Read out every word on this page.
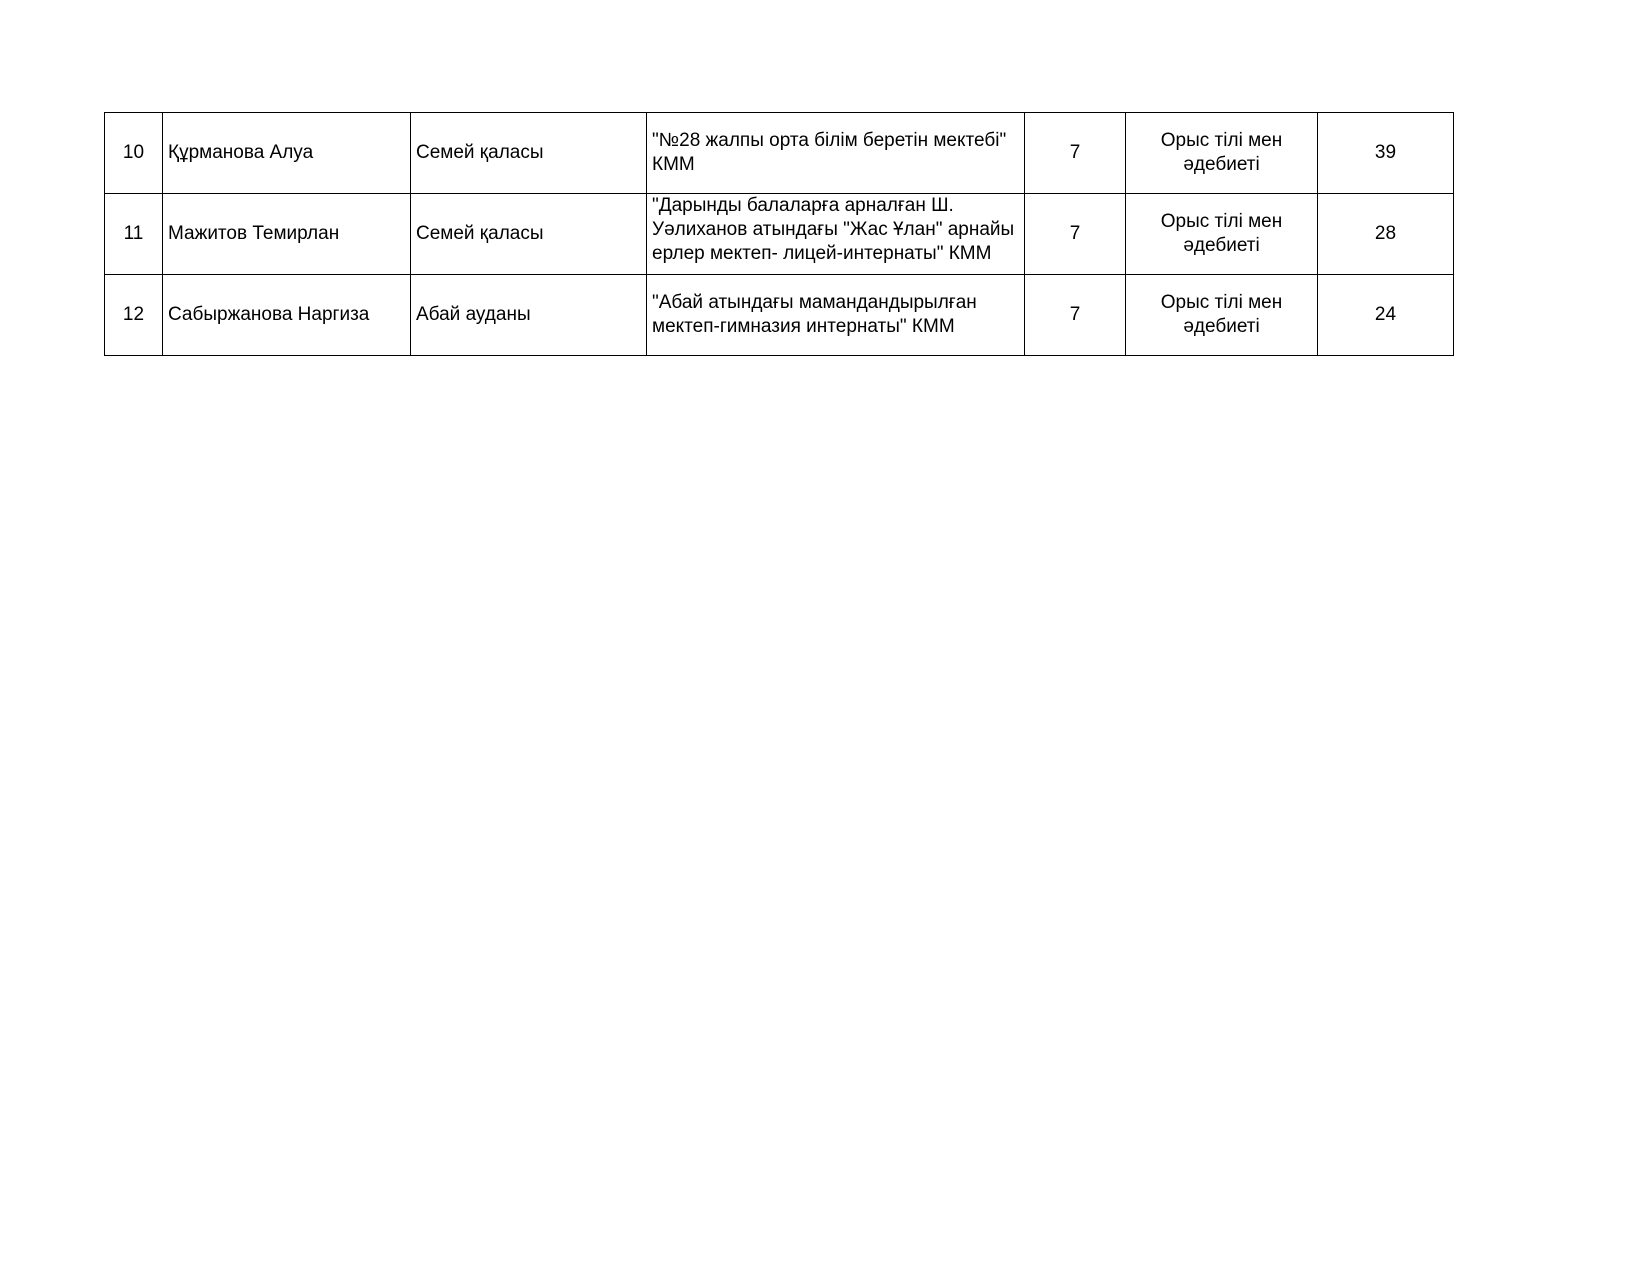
10	Құрманова Алуа	Семей қаласы	"№28 жалпы орта білім беретін мектебі" КММ	7	Орыс тілі мен әдебиеті	39
11	Мажитов Темирлан	Семей қаласы	"Дарынды балаларға арналған Ш. Уәлиханов атындағы "Жас Ұлан" арнайы ерлер мектеп- лицей-интернаты" КММ	7	Орыс тілі мен әдебиеті	28
12	Сабыржанова Наргиза	Абай ауданы	"Абай атындағы мамандандырылған мектеп-гимназия интернаты" КММ	7	Орыс тілі мен әдебиеті	24
